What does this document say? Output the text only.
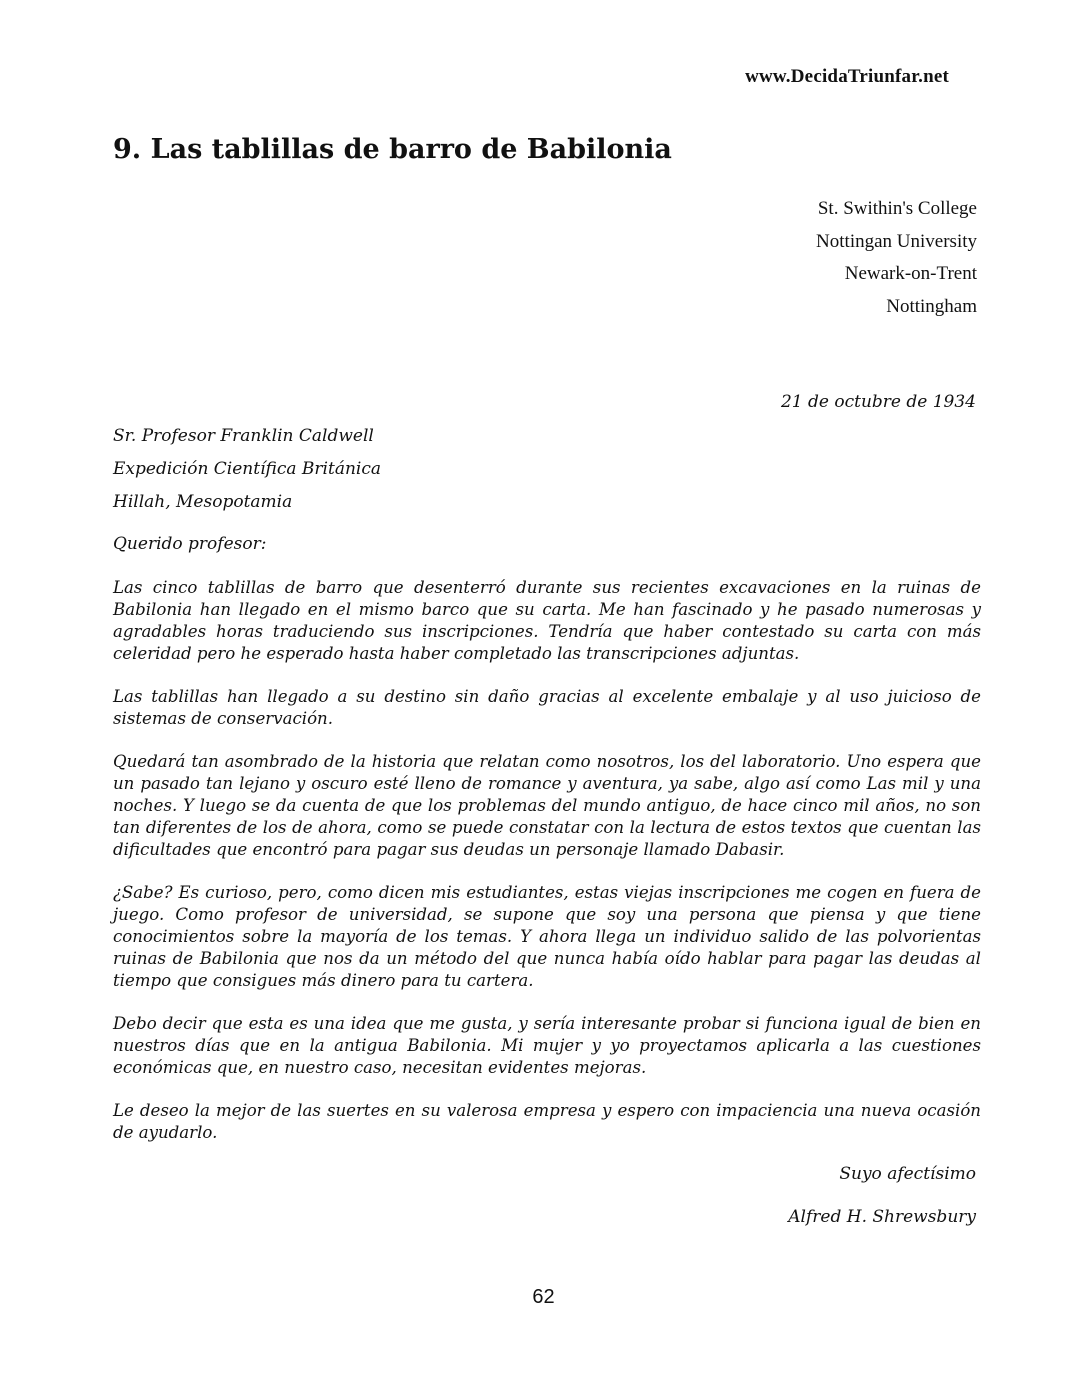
www.DecidaTriunfar.net
9. Las tablillas de barro de Babilonia
St. Swithin's College
Nottingan University
Newark-on-Trent
Nottingham
21 de octubre de 1934
Sr. Profesor Franklin Caldwell
Expedición Científica Británica
Hillah, Mesopotamia
Querido profesor:

Las cinco tablillas de barro que desenterró durante sus recientes excavaciones en la ruinas de Babilonia han llegado en el mismo barco que su carta. Me han fascinado y he pasado numerosas y agradables horas traduciendo sus inscripciones. Tendría que haber contestado su carta con más celeridad pero he esperado hasta haber completado las transcripciones adjuntas.

Las tablillas han llegado a su destino sin daño gracias al excelente embalaje y al uso juicioso de sistemas de conservación.

Quedará tan asombrado de la historia que relatan como nosotros, los del laboratorio. Uno espera que un pasado tan lejano y oscuro esté lleno de romance y aventura, ya sabe, algo así como Las mil y una noches. Y luego se da cuenta de que los problemas del mundo antiguo, de hace cinco mil años, no son tan diferentes de los de ahora, como se puede constatar con la lectura de estos textos que cuentan las dificultades que encontró para pagar sus deudas un personaje llamado Dabasir.

¿Sabe? Es curioso, pero, como dicen mis estudiantes, estas viejas inscripciones me cogen en fuera de juego. Como profesor de universidad, se supone que soy una persona que piensa y que tiene conocimientos sobre la mayoría de los temas. Y ahora llega un individuo salido de las polvorientas ruinas de Babilonia que nos da un método del que nunca había oído hablar para pagar las deudas al tiempo que consigues más dinero para tu cartera.

Debo decir que esta es una idea que me gusta, y sería interesante probar si funciona igual de bien en nuestros días que en la antigua Babilonia. Mi mujer y yo proyectamos aplicarla a las cuestiones económicas que, en nuestro caso, necesitan evidentes mejoras.

Le deseo la mejor de las suertes en su valerosa empresa y espero con impaciencia una nueva ocasión de ayudarlo.

Suyo afectísimo
Alfred H. Shrewsbury
62
